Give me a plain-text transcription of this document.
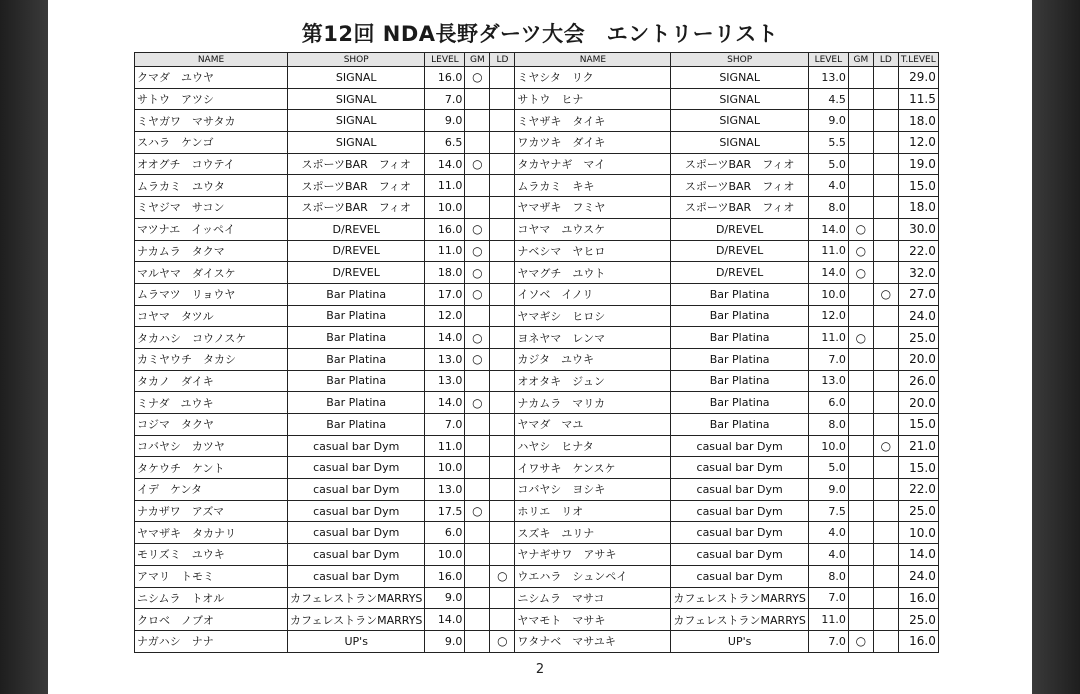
第12回 NDA長野ダーツ大会　エントリーリスト
NAME	SHOP	LEVEL	GM	LD	NAME	SHOP	LEVEL	GM	LD	T.LEVEL
クマダ　ユウヤ	SIGNAL	16.0	○		ミヤシタ　リク	SIGNAL	13.0			29.0
サトウ　アツシ	SIGNAL	7.0			サトウ　ヒナ	SIGNAL	4.5			11.5
ミヤガワ　マサタカ	SIGNAL	9.0			ミヤザキ　タイキ	SIGNAL	9.0			18.0
スハラ　ケンゴ	SIGNAL	6.5			ワカツキ　ダイキ	SIGNAL	5.5			12.0
オオグチ　コウテイ	スポーツBAR　フィオ	14.0	○		タカヤナギ　マイ	スポーツBAR　フィオ	5.0			19.0
ムラカミ　ユウタ	スポーツBAR　フィオ	11.0			ムラカミ　キキ	スポーツBAR　フィオ	4.0			15.0
ミヤジマ　サコン	スポーツBAR　フィオ	10.0			ヤマザキ　フミヤ	スポーツBAR　フィオ	8.0			18.0
マツナエ　イッペイ	D/REVEL	16.0	○		コヤマ　ユウスケ	D/REVEL	14.0	○		30.0
ナカムラ　タクマ	D/REVEL	11.0	○		ナベシマ　ヤヒロ	D/REVEL	11.0	○		22.0
マルヤマ　ダイスケ	D/REVEL	18.0	○		ヤマグチ　ユウト	D/REVEL	14.0	○		32.0
ムラマツ　リョウヤ	Bar Platina	17.0	○		イソベ　イノリ	Bar Platina	10.0		○	27.0
コヤマ　タツル	Bar Platina	12.0			ヤマギシ　ヒロシ	Bar Platina	12.0			24.0
タカハシ　コウノスケ	Bar Platina	14.0	○		ヨネヤマ　レンマ	Bar Platina	11.0	○		25.0
カミヤウチ　タカシ	Bar Platina	13.0	○		カジタ　ユウキ	Bar Platina	7.0			20.0
タカノ　ダイキ	Bar Platina	13.0			オオタキ　ジュン	Bar Platina	13.0			26.0
ミナダ　ユウキ	Bar Platina	14.0	○		ナカムラ　マリカ	Bar Platina	6.0			20.0
コジマ　タクヤ	Bar Platina	7.0			ヤマダ　マユ	Bar Platina	8.0			15.0
コバヤシ　カツヤ	casual bar Dym	11.0			ハヤシ　ヒナタ	casual bar Dym	10.0		○	21.0
タケウチ　ケント	casual bar Dym	10.0			イワサキ　ケンスケ	casual bar Dym	5.0			15.0
イデ　ケンタ	casual bar Dym	13.0			コバヤシ　ヨシキ	casual bar Dym	9.0			22.0
ナカザワ　アズマ	casual bar Dym	17.5	○		ホリエ　リオ	casual bar Dym	7.5			25.0
ヤマザキ　タカナリ	casual bar Dym	6.0			スズキ　ユリナ	casual bar Dym	4.0			10.0
モリズミ　ユウキ	casual bar Dym	10.0			ヤナギサワ　アサキ	casual bar Dym	4.0			14.0
アマリ　トモミ	casual bar Dym	16.0		○	ウエハラ　シュンペイ	casual bar Dym	8.0			24.0
ニシムラ　トオル	カフェレストランMARRYS	9.0			ニシムラ　マサコ	カフェレストランMARRYS	7.0			16.0
クロベ　ノブオ	カフェレストランMARRYS	14.0			ヤマモト　マサキ	カフェレストランMARRYS	11.0			25.0
ナガハシ　ナナ	UP's	9.0		○	ワタナベ　マサユキ	UP's	7.0	○		16.0
2
